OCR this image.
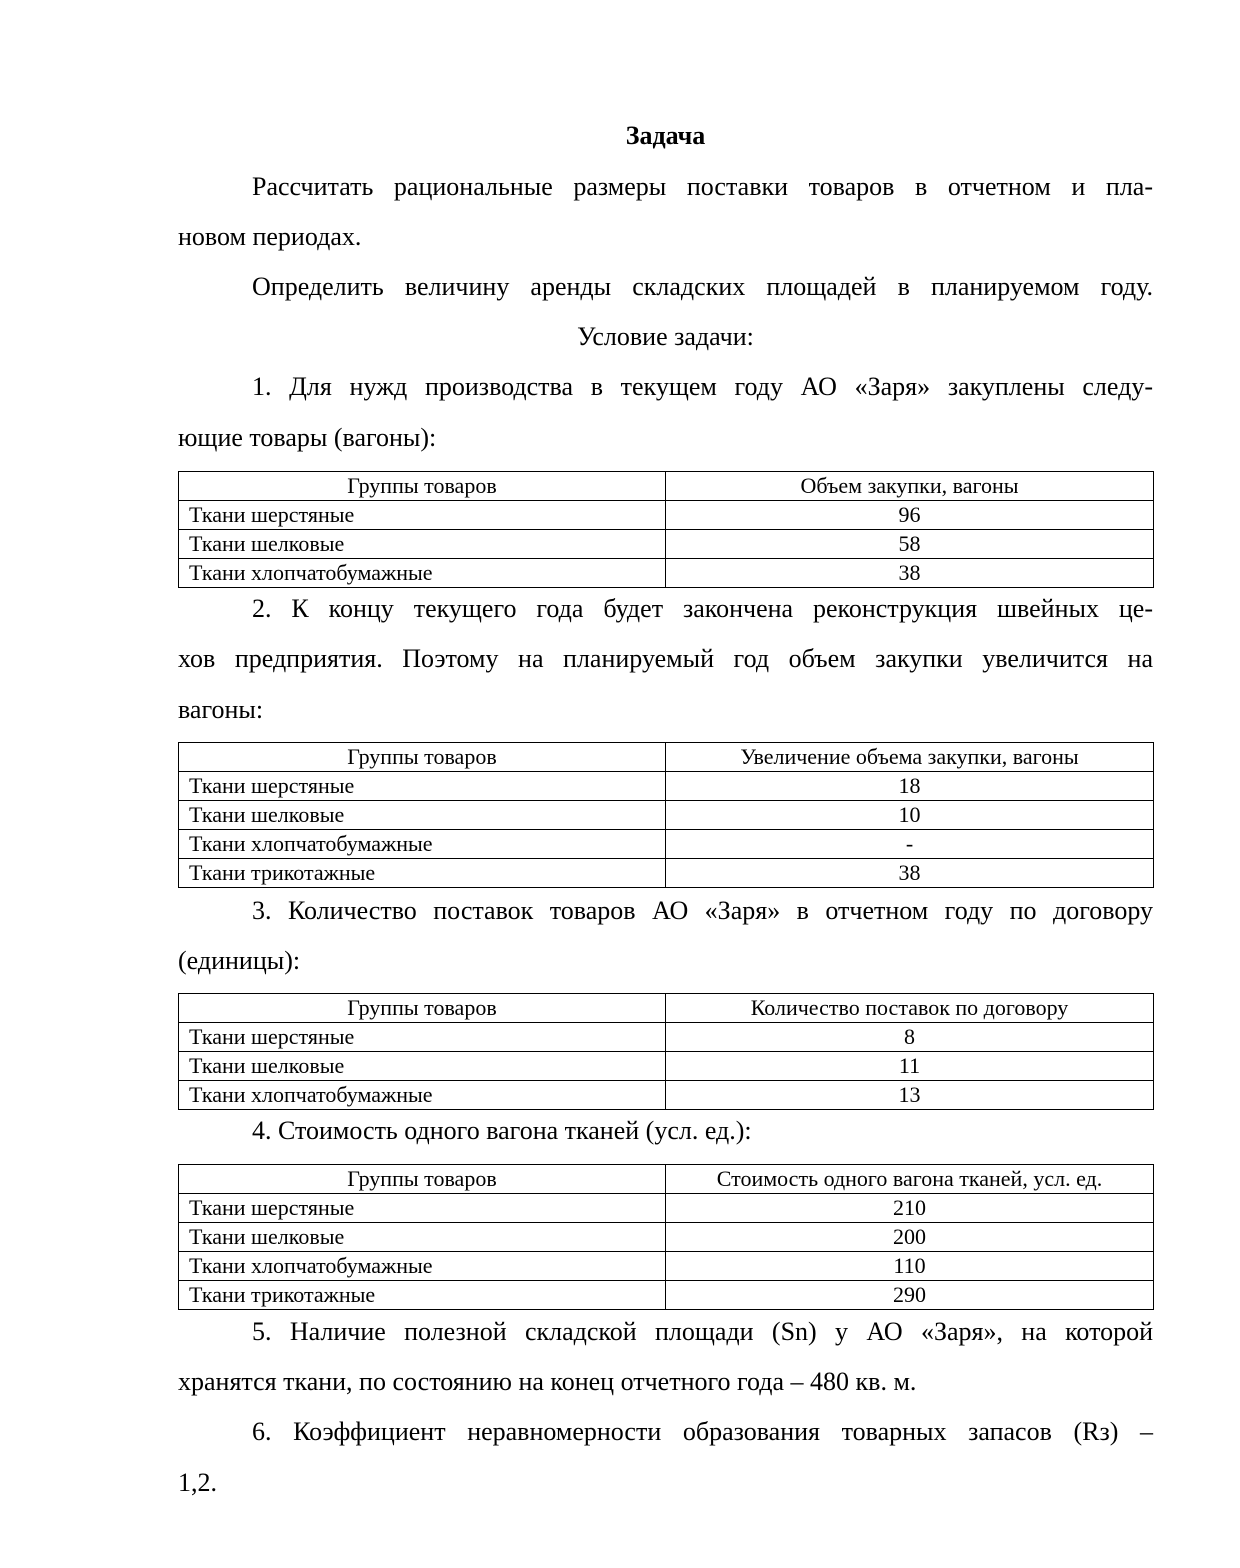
Задача
Рассчитать рациональные размеры поставки товаров в отчетном и пла-
новом периодах.
Определить величину аренды складских площадей в планируемом году.
Условие задачи:
1. Для нужд производства в текущем году АО «Заря» закуплены следу-
ющие товары (вагоны):
Группы товаров	Объем закупки, вагоны
Ткани шерстяные	96
Ткани шелковые	58
Ткани хлопчатобумажные	38
2. К концу текущего года будет закончена реконструкция швейных це-
хов предприятия. Поэтому на планируемый год объем закупки увеличится на
вагоны:
Группы товаров	Увеличение объема закупки, вагоны
Ткани шерстяные	18
Ткани шелковые	10
Ткани хлопчатобумажные	-
Ткани трикотажные	38
3. Количество поставок товаров АО «Заря» в отчетном году по договору
(единицы):
Группы товаров	Количество поставок по договору
Ткани шерстяные	8
Ткани шелковые	11
Ткани хлопчатобумажные	13
4. Стоимость одного вагона тканей (усл. ед.):
Группы товаров	Стоимость одного вагона тканей, усл. ед.
Ткани шерстяные	210
Ткани шелковые	200
Ткани хлопчатобумажные	110
Ткани трикотажные	290
5. Наличие полезной складской площади (Sn) у АО «Заря», на которой
хранятся ткани, по состоянию на конец отчетного года – 480 кв. м.
6. Коэффициент неравномерности образования товарных запасов (Rз) –
1,2.
